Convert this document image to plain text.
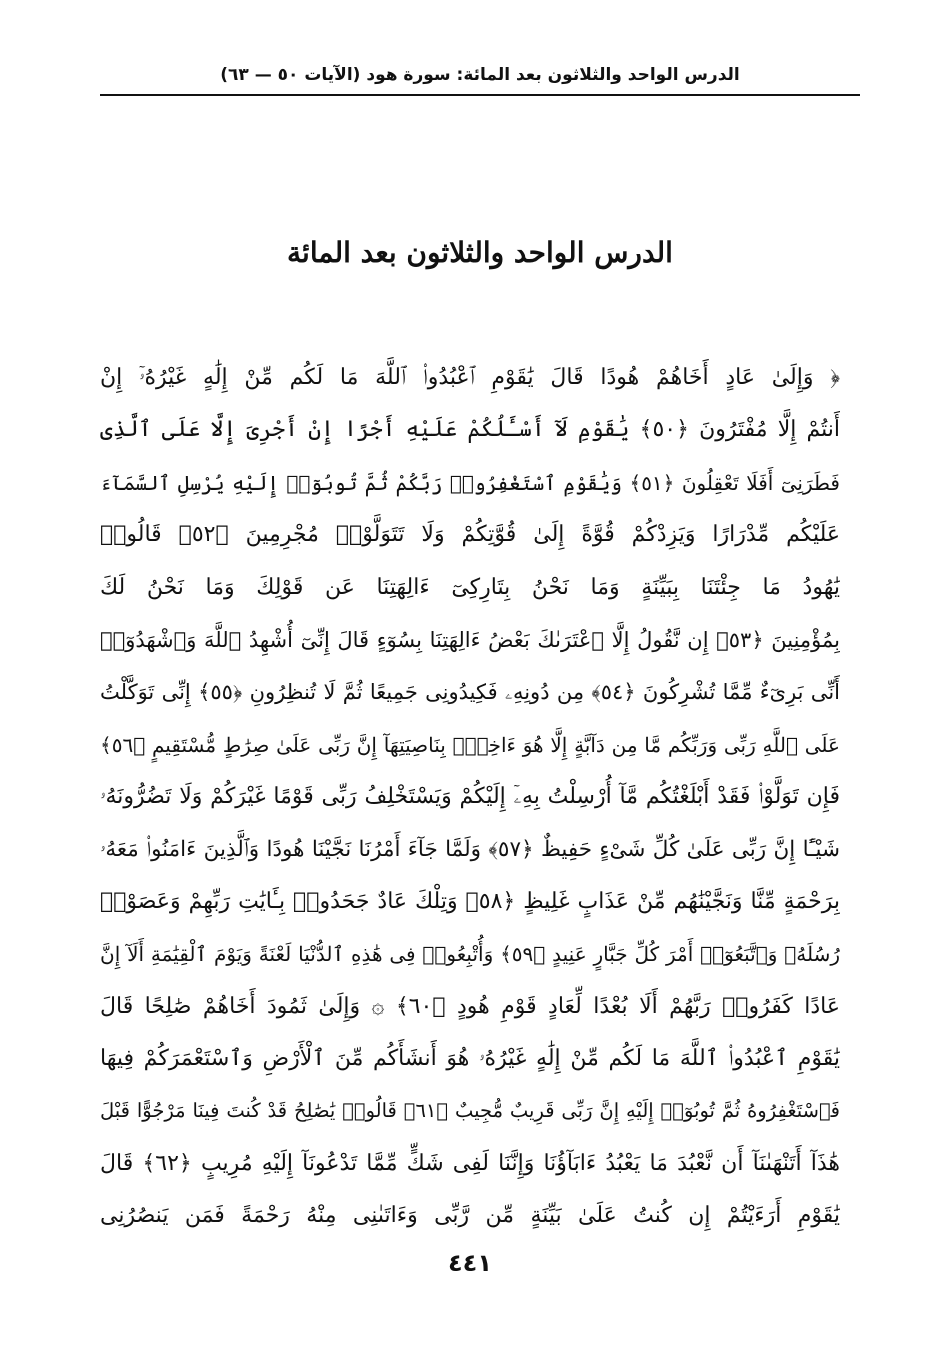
الدرس الواحد والثلاثون بعد المائة: سورة هود (الآيات ٥٠ — ٦٣)
الدرس الواحد والثلاثون بعد المائة
﴿ وَإِلَىٰ عَادٍ أَخَاهُمْ هُودًا قَالَ يَٰقَوْمِ ٱعْبُدُوا۟ ٱللَّهَ مَا لَكُم مِّنْ إِلَٰهٍ غَيْرُهُۥٓ إِنْ
أَنتُمْ إِلَّا مُفْتَرُونَ ﴿٥٠﴾ يَٰقَوْمِ لَآ أَسْـَٔلُكُمْ عَلَيْهِ أَجْرًا إِنْ أَجْرِىَ إِلَّا عَلَى ٱلَّذِى
فَطَرَنِىٓ أَفَلَا تَعْقِلُونَ ﴿٥١﴾ وَيَٰقَوْمِ ٱسْتَغْفِرُوا۟ رَبَّكُمْ ثُمَّ تُوبُوٓا۟ إِلَيْهِ يُرْسِلِ ٱلسَّمَآءَ
عَلَيْكُم مِّدْرَارًا وَيَزِدْكُمْ قُوَّةً إِلَىٰ قُوَّتِكُمْ وَلَا تَتَوَلَّوْا۟ مُجْرِمِينَ ﴿٥٢﴾ قَالُوا۟
يَٰهُودُ مَا جِئْتَنَا بِبَيِّنَةٍ وَمَا نَحْنُ بِتَارِكِىٓ ءَالِهَتِنَا عَن قَوْلِكَ وَمَا نَحْنُ لَكَ
بِمُؤْمِنِينَ ﴿٥٣﴾ إِن نَّقُولُ إِلَّا ٱعْتَرَىٰكَ بَعْضُ ءَالِهَتِنَا بِسُوٓءٍ قَالَ إِنِّىٓ أُشْهِدُ ٱللَّهَ وَٱشْهَدُوٓا۟
أَنِّى بَرِىٓءٌ مِّمَّا تُشْرِكُونَ ﴿٥٤﴾ مِن دُونِهِۦ فَكِيدُونِى جَمِيعًا ثُمَّ لَا تُنظِرُونِ ﴿٥٥﴾ إِنِّى تَوَكَّلْتُ
عَلَى ٱللَّهِ رَبِّى وَرَبِّكُم مَّا مِن دَآبَّةٍ إِلَّا هُوَ ءَاخِذٌۢ بِنَاصِيَتِهَآ إِنَّ رَبِّى عَلَىٰ صِرَٰطٍ مُّسْتَقِيمٍ ﴿٥٦﴾
فَإِن تَوَلَّوْا۟ فَقَدْ أَبْلَغْتُكُم مَّآ أُرْسِلْتُ بِهِۦٓ إِلَيْكُمْ وَيَسْتَخْلِفُ رَبِّى قَوْمًا غَيْرَكُمْ وَلَا تَضُرُّونَهُۥ
شَيْـًٔا إِنَّ رَبِّى عَلَىٰ كُلِّ شَىْءٍ حَفِيظٌ ﴿٥٧﴾ وَلَمَّا جَآءَ أَمْرُنَا نَجَّيْنَا هُودًا وَٱلَّذِينَ ءَامَنُوا۟ مَعَهُۥ
بِرَحْمَةٍ مِّنَّا وَنَجَّيْنَٰهُم مِّنْ عَذَابٍ غَلِيظٍ ﴿٥٨﴾ وَتِلْكَ عَادٌ جَحَدُوا۟ بِـَٔايَٰتِ رَبِّهِمْ وَعَصَوْا۟
رُسُلَهُۥ وَٱتَّبَعُوٓا۟ أَمْرَ كُلِّ جَبَّارٍ عَنِيدٍ ﴿٥٩﴾ وَأُتْبِعُوا۟ فِى هَٰذِهِ ٱلدُّنْيَا لَعْنَةً وَيَوْمَ ٱلْقِيَٰمَةِ أَلَآ إِنَّ
عَادًا كَفَرُوا۟ رَبَّهُمْ أَلَا بُعْدًا لِّعَادٍ قَوْمِ هُودٍ ﴿٦٠﴾ ۞ وَإِلَىٰ ثَمُودَ أَخَاهُمْ صَٰلِحًا قَالَ
يَٰقَوْمِ ٱعْبُدُوا۟ ٱللَّهَ مَا لَكُم مِّنْ إِلَٰهٍ غَيْرُهُۥ هُوَ أَنشَأَكُم مِّنَ ٱلْأَرْضِ وَٱسْتَعْمَرَكُمْ فِيهَا
فَٱسْتَغْفِرُوهُ ثُمَّ تُوبُوٓا۟ إِلَيْهِ إِنَّ رَبِّى قَرِيبٌ مُّجِيبٌ ﴿٦١﴾ قَالُوا۟ يَٰصَٰلِحُ قَدْ كُنتَ فِينَا مَرْجُوًّا قَبْلَ
هَٰذَآ أَتَنْهَىٰنَآ أَن نَّعْبُدَ مَا يَعْبُدُ ءَابَآؤُنَا وَإِنَّنَا لَفِى شَكٍّ مِّمَّا تَدْعُونَآ إِلَيْهِ مُرِيبٍ ﴿٦٢﴾ قَالَ
يَٰقَوْمِ أَرَءَيْتُمْ إِن كُنتُ عَلَىٰ بَيِّنَةٍ مِّن رَّبِّى وَءَاتَىٰنِى مِنْهُ رَحْمَةً فَمَن يَنصُرُنِى
٤٤١
